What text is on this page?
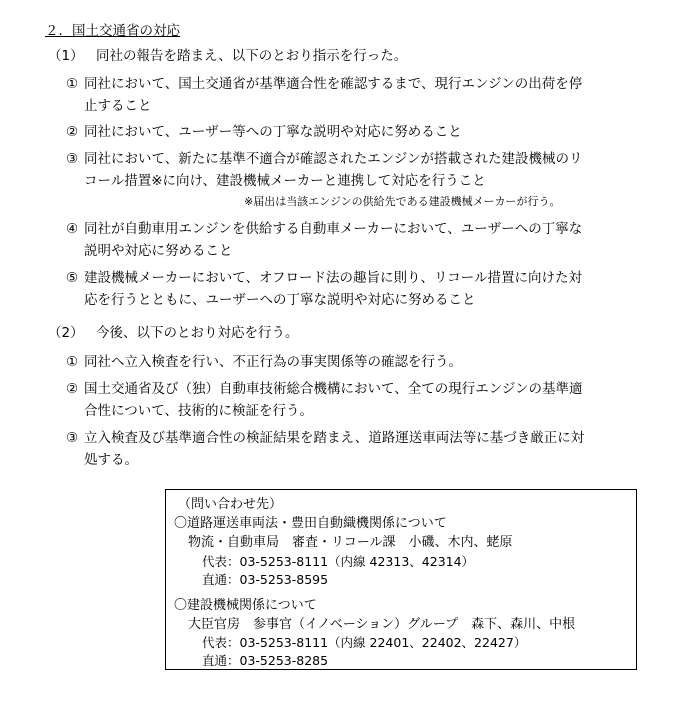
２．国土交通省の対応
（1） 同社の報告を踏まえ、以下のとおり指示を行った。
① 同社において、国土交通省が基準適合性を確認するまで、現行エンジンの出荷を停
止すること
② 同社において、ユーザー等への丁寧な説明や対応に努めること
③ 同社において、新たに基準不適合が確認されたエンジンが搭載された建設機械のリ
コール措置※に向け、建設機械メーカーと連携して対応を行うこと
※届出は当該エンジンの供給先である建設機械メーカーが行う。
④ 同社が自動車用エンジンを供給する自動車メーカーにおいて、ユーザーへの丁寧な
説明や対応に努めること
⑤ 建設機械メーカーにおいて、オフロード法の趣旨に則り、リコール措置に向けた対
応を行うとともに、ユーザーへの丁寧な説明や対応に努めること
（2） 今後、以下のとおり対応を行う。
① 同社へ立入検査を行い、不正行為の事実関係等の確認を行う。
② 国土交通省及び（独）自動車技術総合機構において、全ての現行エンジンの基準適
合性について、技術的に検証を行う。
③ 立入検査及び基準適合性の検証結果を踏まえ、道路運送車両法等に基づき厳正に対
処する。
（問い合わせ先）
〇道路運送車両法・豊田自動織機関係について
物流・自動車局　審査・リコール課　小磯、木内、蛯原
代表：03-5253-8111（内線 42313、42314）
直通：03-5253-8595
〇建設機械関係について
大臣官房　参事官（イノベーション）グループ　森下、森川、中根
代表：03-5253-8111（内線 22401、22402、22427）
直通：03-5253-8285
